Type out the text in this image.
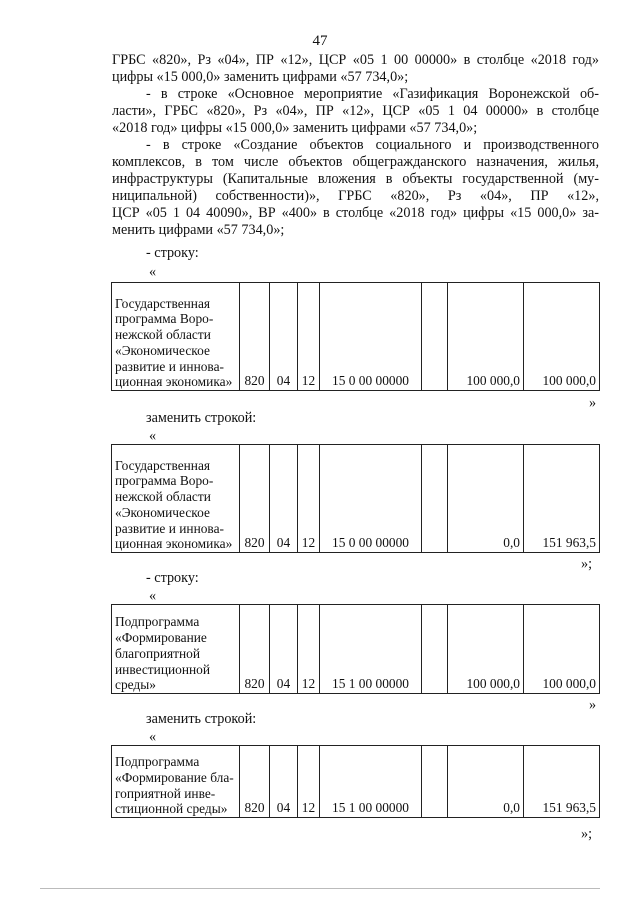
47
ГРБС «820», Рз «04», ПР «12», ЦСР «05 1 00 00000» в столбце «2018 год»
цифры «15 000,0» заменить цифрами «57 734,0»;
- в строке «Основное мероприятие «Газификация Воронежской об-
ласти», ГРБС «820», Рз «04», ПР «12», ЦСР «05 1 04 00000» в столбце
«2018 год» цифры «15 000,0» заменить цифрами «57 734,0»;
- в строке «Создание объектов социального и производственного
комплексов, в том числе объектов общегражданского назначения, жилья,
инфраструктуры (Капитальные вложения в объекты государственной (му-
ниципальной) собственности)», ГРБС «820», Рз «04», ПР «12»,
ЦСР «05 1 04 40090», ВР «400» в столбце «2018 год» цифры «15 000,0» за-
менить цифрами «57 734,0»;
- строку:
«
Государственная
программа Воро-
нежской области
«Экономическое
развитие и иннова-
ционная экономика»	820	04	12	15 0 00 00000		100 000,0	100 000,0
»
заменить строкой:
«
Государственная
программа Воро-
нежской области
«Экономическое
развитие и иннова-
ционная экономика»	820	04	12	15 0 00 00000		0,0	151 963,5
»;
- строку:
«
Подпрограмма
«Формирование
благоприятной
инвестиционной
среды»	820	04	12	15 1 00 00000		100 000,0	100 000,0
»
заменить строкой:
«
Подпрограмма
«Формирование бла-
гоприятной инве-
стиционной среды»	820	04	12	15 1 00 00000		0,0	151 963,5
»;
